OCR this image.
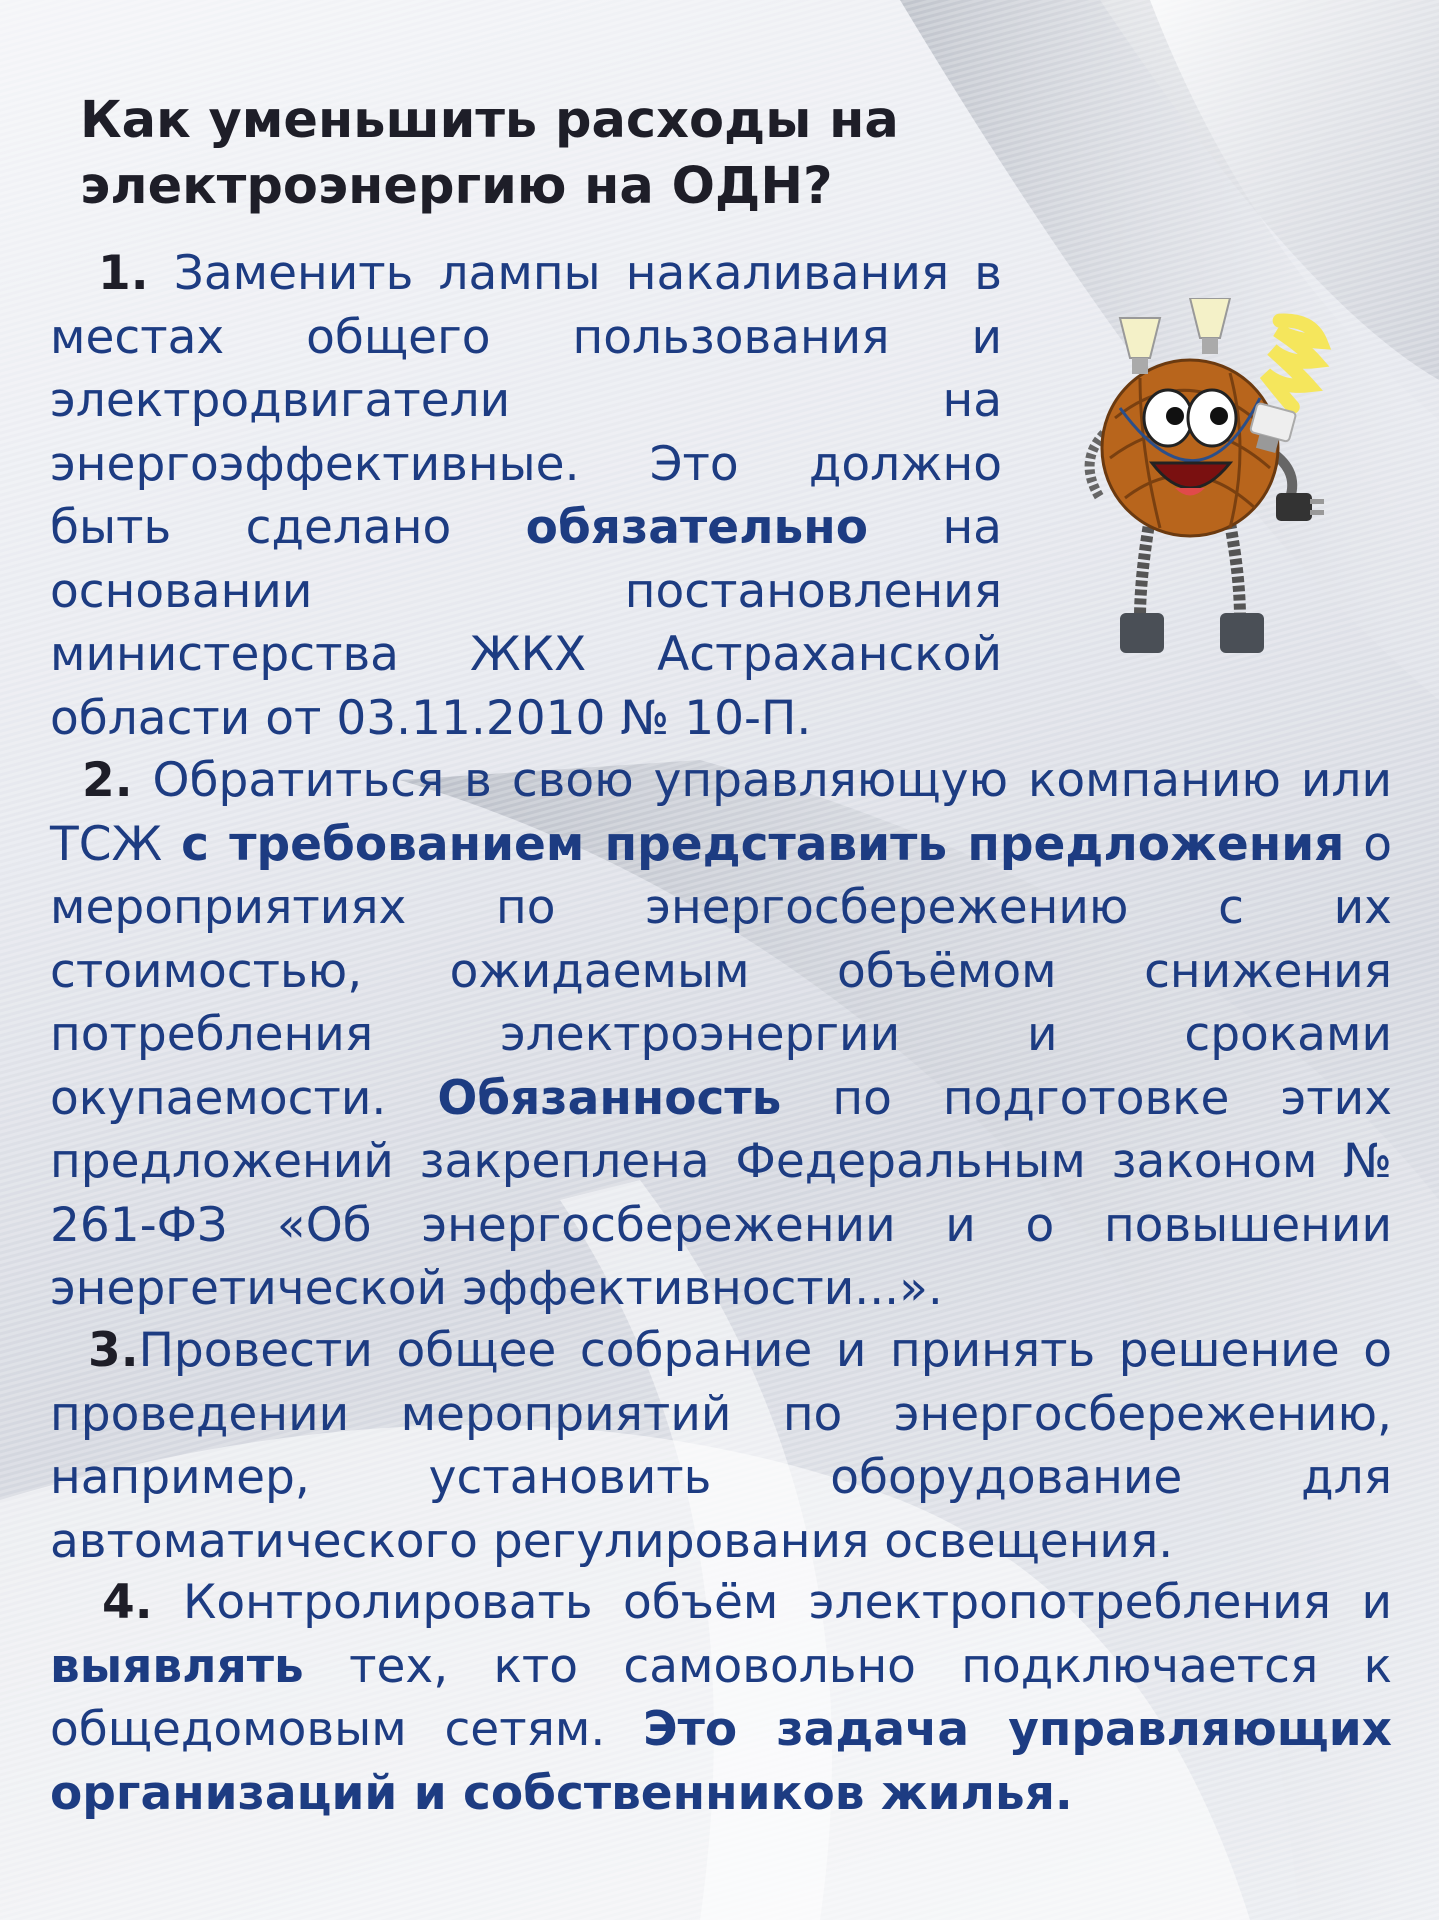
Как уменьшить расходы на электроэнергию на ОДН?

1. Заменить лампы накаливания в местах общего пользования и электродвигатели на энергоэффективные. Это должно быть сделано обязательно на основании постановления министерства ЖКХ Астраханской области от 03.11.2010 № 10-П.

2. Обратиться в свою управляющую компанию или ТСЖ с требованием представить предложения о мероприятиях по энергосбережению с их стоимостью, ожидаемым объёмом снижения потребления электроэнергии и сроками окупаемости. Обязанность по подготовке этих предложений закреплена Федеральным законом № 261-ФЗ «Об энергосбережении и о повышении энергетической эффективности...».

3.Провести общее собрание и принять решение о проведении мероприятий по энергосбережению, например, установить оборудование для автоматического регулирования освещения.

4. Контролировать объём электропотребления и выявлять тех, кто самовольно подключается к общедомовым сетям. Это задача управляющих организаций и собственников жилья.
